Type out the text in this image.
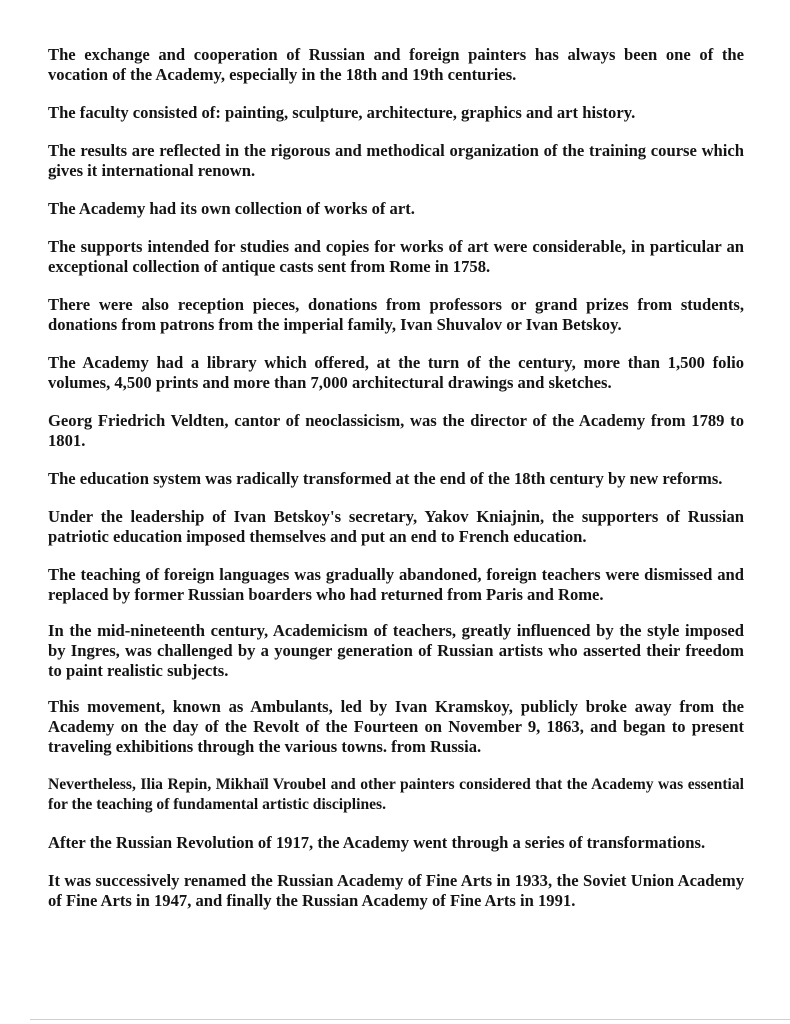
The exchange and cooperation of Russian and foreign painters has always been one of the vocation of the Academy, especially in the 18th and 19th centuries.

The faculty consisted of: painting, sculpture, architecture, graphics and art history.

The results are reflected in the rigorous and methodical organization of the training course which gives it international renown.

The Academy had its own collection of works of art.

The supports intended for studies and copies for works of art were considerable, in particular an exceptional collection of antique casts sent from Rome in 1758.

There were also reception pieces, donations from professors or grand prizes from students, donations from patrons from the imperial family, Ivan Shuvalov or Ivan Betskoy.

The Academy had a library which offered, at the turn of the century, more than 1,500 folio volumes, 4,500 prints and more than 7,000 architectural drawings and sketches.

Georg Friedrich Veldten, cantor of neoclassicism, was the director of the Academy from 1789 to 1801.

The education system was radically transformed at the end of the 18th century by new reforms.

Under the leadership of Ivan Betskoy's secretary, Yakov Kniajnin, the supporters of Russian patriotic education imposed themselves and put an end to French education.

The teaching of foreign languages was gradually abandoned, foreign teachers were dismissed and replaced by former Russian boarders who had returned from Paris and Rome.

In the mid-nineteenth century, Academicism of teachers, greatly influenced by the style imposed by Ingres, was challenged by a younger generation of Russian artists who asserted their freedom to paint realistic subjects.

This movement, known as Ambulants, led by Ivan Kramskoy, publicly broke away from the Academy on the day of the Revolt of the Fourteen on November 9, 1863, and began to present traveling exhibitions through the various towns. from Russia.

Nevertheless, Ilia Repin, Mikhaïl Vroubel and other painters considered that the Academy was essential for the teaching of fundamental artistic disciplines.

After the Russian Revolution of 1917, the Academy went through a series of transformations.

It was successively renamed the Russian Academy of Fine Arts in 1933, the Soviet Union Academy of Fine Arts in 1947, and finally the Russian Academy of Fine Arts in 1991.
